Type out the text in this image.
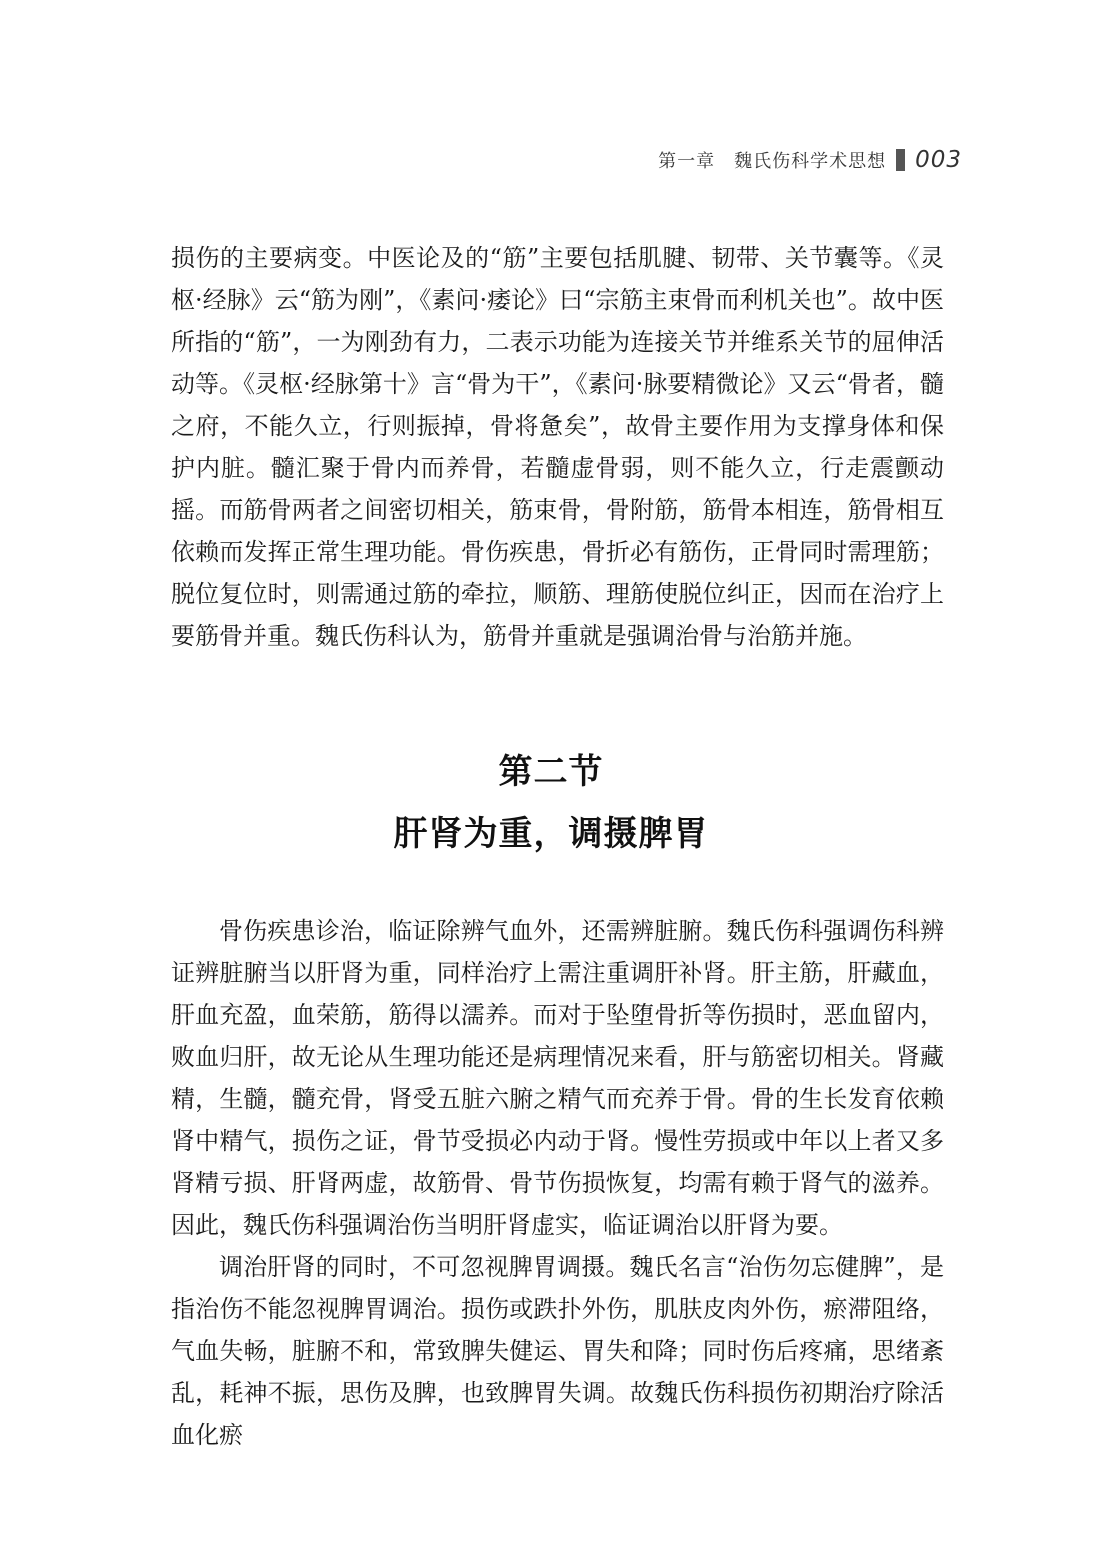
第一章　魏氏伤科学术思想 003

损伤的主要病变。中医论及的“筋”主要包括肌腱、韧带、关节囊等。《灵枢·经脉》云“筋为刚”，《素问·痿论》曰“宗筋主束骨而利机关也”。故中医所指的“筋”，一为刚劲有力，二表示功能为连接关节并维系关节的屈伸活动等。《灵枢·经脉第十》言“骨为干”，《素问·脉要精微论》又云“骨者，髓之府，不能久立，行则振掉，骨将惫矣”，故骨主要作用为支撑身体和保护内脏。髓汇聚于骨内而养骨，若髓虚骨弱，则不能久立，行走震颤动摇。而筋骨两者之间密切相关，筋束骨，骨附筋，筋骨本相连，筋骨相互依赖而发挥正常生理功能。骨伤疾患，骨折必有筋伤，正骨同时需理筋；脱位复位时，则需通过筋的牵拉，顺筋、理筋使脱位纠正，因而在治疗上要筋骨并重。魏氏伤科认为，筋骨并重就是强调治骨与治筋并施。

第二节
肝肾为重，调摄脾胃

骨伤疾患诊治，临证除辨气血外，还需辨脏腑。魏氏伤科强调伤科辨证辨脏腑当以肝肾为重，同样治疗上需注重调肝补肾。肝主筋，肝藏血，肝血充盈，血荣筋，筋得以濡养。而对于坠堕骨折等伤损时，恶血留内，败血归肝，故无论从生理功能还是病理情况来看，肝与筋密切相关。肾藏精，生髓，髓充骨，肾受五脏六腑之精气而充养于骨。骨的生长发育依赖肾中精气，损伤之证，骨节受损必内动于肾。慢性劳损或中年以上者又多肾精亏损、肝肾两虚，故筋骨、骨节伤损恢复，均需有赖于肾气的滋养。因此，魏氏伤科强调治伤当明肝肾虚实，临证调治以肝肾为要。

调治肝肾的同时，不可忽视脾胃调摄。魏氏名言“治伤勿忘健脾”，是指治伤不能忽视脾胃调治。损伤或跌扑外伤，肌肤皮肉外伤，瘀滞阻络，气血失畅，脏腑不和，常致脾失健运、胃失和降；同时伤后疼痛，思绪紊乱，耗神不振，思伤及脾，也致脾胃失调。故魏氏伤科损伤初期治疗除活血化瘀
